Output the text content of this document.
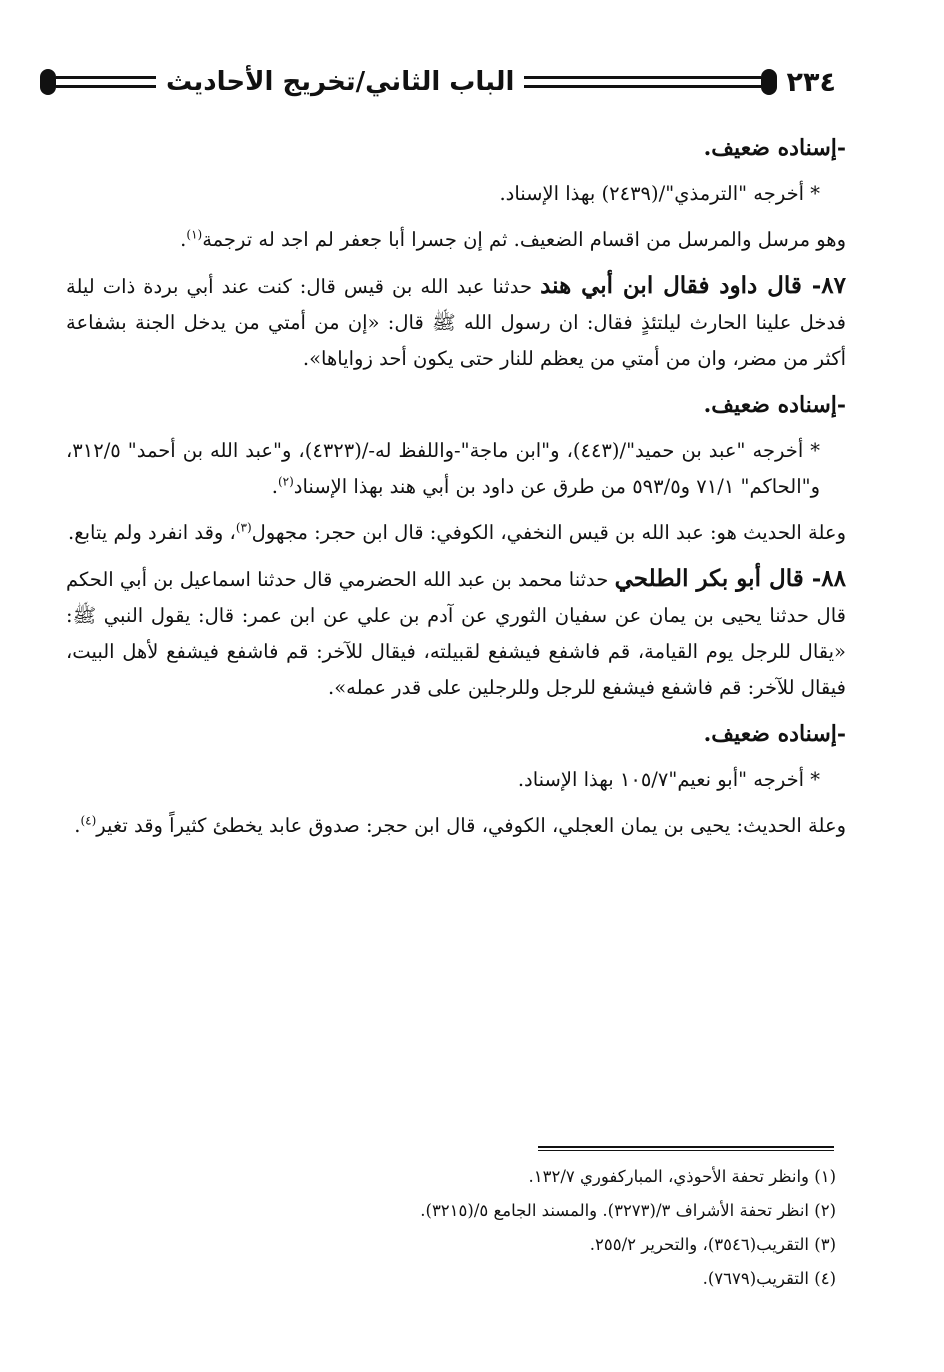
٢٣٤
الباب الثاني/تخريج الأحاديث

-إسناده ضعيف.

* أخرجه "الترمذي"/(٢٤٣٩) بهذا الإسناد.

وهو مرسل والمرسل من اقسام الضعيف. ثم إن جسرا أبا جعفر لم اجد له ترجمة$^{(١)}$.

٨٧- قال داود فقال ابن أبي هند حدثنا عبد الله بن قيس قال: كنت عند أبي بردة ذات ليلة فدخل علينا الحارث ليلتئذٍ فقال: ان رسول الله ﷺ قال: «إن من أمتي من يدخل الجنة بشفاعة أكثر من مضر، وان من أمتي من يعظم للنار حتى يكون أحد زواياها».

-إسناده ضعيف.

* أخرجه "عبد بن حميد"/(٤٤٣)، و"ابن ماجة"-واللفظ له-/(٤٣٢٣)، و"عبد الله بن أحمد" ٣١٢/٥، و"الحاكم" ٧١/١ و٥٩٣/٥ من طرق عن داود بن أبي هند بهذا الإسناد$^{(٢)}$.

وعلة الحديث هو: عبد الله بن قيس النخفي، الكوفي: قال ابن حجر: مجهول$^{(٣)}$، وقد انفرد ولم يتابع.

٨٨- قال أبو بكر الطلحي حدثنا محمد بن عبد الله الحضرمي قال حدثنا اسماعيل بن أبي الحكم قال حدثنا يحيى بن يمان عن سفيان الثوري عن آدم بن علي عن ابن عمر: قال: يقول النبي ﷺ: «يقال للرجل يوم القيامة، قم فاشفع فيشفع لقبيلته، فيقال للآخر: قم فاشفع فيشفع لأهل البيت، فيقال للآخر: قم فاشفع فيشفع للرجل وللرجلين على قدر عمله».

-إسناده ضعيف.

* أخرجه "أبو نعيم"١٠٥/٧ بهذا الإسناد.

وعلة الحديث: يحيى بن يمان العجلي، الكوفي، قال ابن حجر: صدوق عابد يخطئ كثيراً وقد تغير$^{(٤)}$.

(١) وانظر تحفة الأحوذي، المباركفوري ١٣٢/٧.
(٢) انظر تحفة الأشراف ٣/(٣٢٧٣). والمسند الجامع ٥/(٣٢١٥).
(٣) التقريب(٣٥٤٦)، والتحرير ٢٥٥/٢.
(٤) التقريب(٧٦٧٩).
